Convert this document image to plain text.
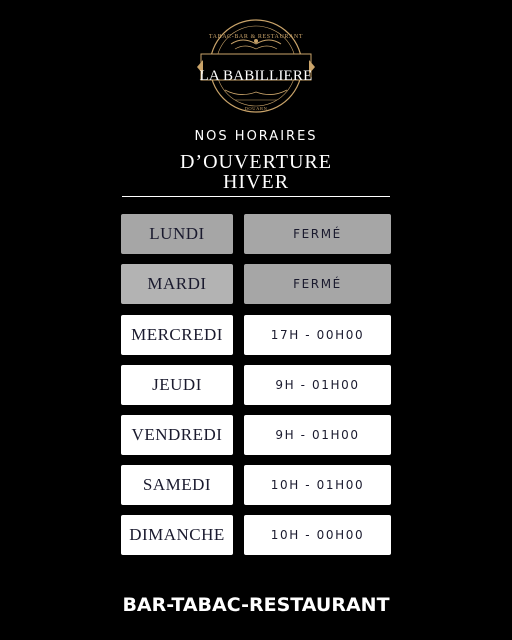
TABAC-BAR & RESTAURANT
LA BABILLIERE
DOUARN
NOS HORAIRES
D’OUVERTURE
HIVER
LUNDI	FERMÉ
MARDI	FERMÉ
MERCREDI	17H - 00H00
JEUDI	9H - 01H00
VENDREDI	9H - 01H00
SAMEDI	10H - 01H00
DIMANCHE	10H - 00H00
BAR-TABAC-RESTAURANT
